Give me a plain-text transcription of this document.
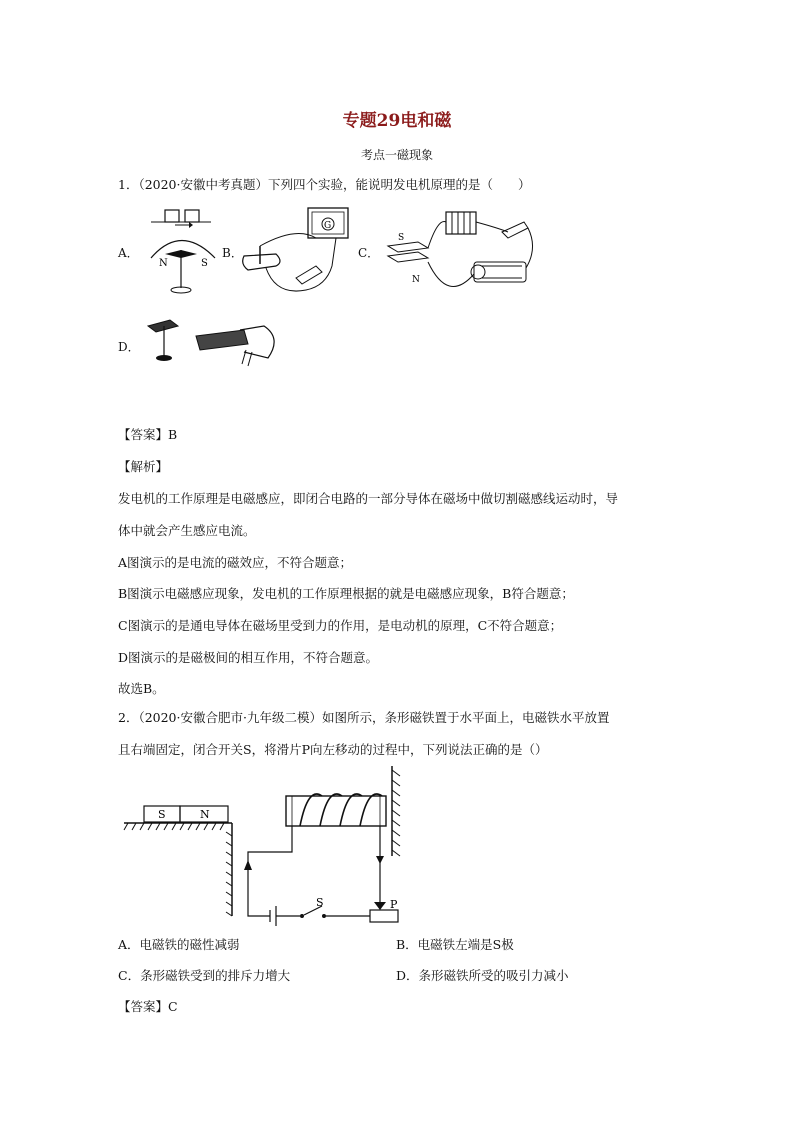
专题29电和磁
考点一磁现象
1．（2020·安徽中考真题）下列四个实验，能说明发电机原理的是（　　）
A．	B．	C．
D．
N	S
G
S
N
【答案】B
【解析】
发电机的工作原理是电磁感应，即闭合电路的一部分导体在磁场中做切割磁感线运动时，导
体中就会产生感应电流。
A图演示的是电流的磁效应，不符合题意；
B图演示电磁感应现象，发电机的工作原理根据的就是电磁感应现象，B符合题意；
C图演示的是通电导体在磁场里受到力的作用，是电动机的原理，C不符合题意；
D图演示的是磁极间的相互作用，不符合题意。
故选B。
2．（2020·安徽合肥市·九年级二模）如图所示，条形磁铁置于水平面上，电磁铁水平放置
且右端固定，闭合开关S，将滑片P向左移动的过程中，下列说法正确的是（）
S	N
S	P
A．电磁铁的磁性减弱	B．电磁铁左端是S极
C．条形磁铁受到的排斥力增大	D．条形磁铁所受的吸引力减小
【答案】C
